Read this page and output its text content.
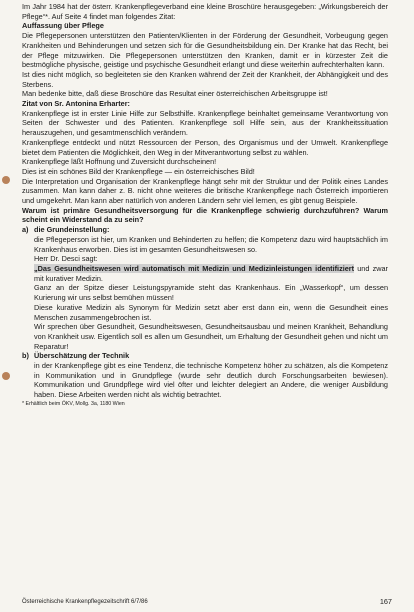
Im Jahr 1984 hat der österr. Krankenpflegeverband eine kleine Broschüre herausgegeben: „Wirkungsbereich der Pflege“*. Auf Seite 4 findet man folgendes Zitat:

Auffassung über Pflege

Die Pflegepersonen unterstützen den Patienten/Klienten in der Förderung der Gesundheit, Vorbeugung gegen Krankheiten und Behinderungen und setzen sich für die Gesundheitsbildung ein. Der Kranke hat das Recht, bei der Pflege mitzuwirken. Die Pflegepersonen unterstützen den Kranken, damit er in kürzester Zeit die bestmögliche physische, geistige und psychische Gesundheit erlangt und diese weiterhin aufrechterhalten kann.

Ist dies nicht möglich, so begleiteten sie den Kranken während der Zeit der Krankheit, der Abhängigkeit und des Sterbens.

Man bedenke bitte, daß diese Broschüre das Resultat einer österreichischen Arbeitsgruppe ist!

Zitat von Sr. Antonina Erharter:

Krankenpflege ist in erster Linie Hilfe zur Selbsthilfe. Krankenpflege beinhaltet gemeinsame Verantwortung von Seiten der Schwester und des Patienten. Krankenpflege soll Hilfe sein, aus der Krankheitssituation herauszugehen, und gesamtmenschlich verändern.

Krankenpflege entdeckt und nützt Ressourcen der Person, des Organismus und der Umwelt. Krankenpflege bietet dem Patienten die Möglichkeit, den Weg in der Mitverantwortung selbst zu wählen.

Krankenpflege läßt Hoffnung und Zuversicht durchscheinen!

Dies ist ein schönes Bild der Krankenpflege — ein österreichisches Bild!

Die Interpretation und Organisation der Krankenpflege hängt sehr mit der Struktur und der Politik eines Landes zusammen. Man kann daher z. B. nicht ohne weiteres die britische Krankenpflege nach Österreich importieren und umgekehrt. Man kann aber natürlich von anderen Ländern sehr viel lernen, es gibt genug Beispiele.

Warum ist primäre Gesundheitsversorgung für die Krankenpflege schwierig durchzuführen? Warum scheint ein Widerstand da zu sein?

a) die Grundeinstellung:

die Pflegeperson ist hier, um Kranken und Behinderten zu helfen; die Kompetenz dazu wird hauptsächlich im Krankenhaus erworben. Dies ist im gesamten Gesundheitswesen so.

Herr Dr. Desci sagt:

„Das Gesundheitswesen wird automatisch mit Medizin und Medizinleistungen identifiziert und zwar mit kurativer Medizin.

Ganz an der Spitze dieser Leistungspyramide steht das Krankenhaus. Ein „Wasserkopf“, um dessen Kurierung wir uns selbst bemühen müssen!

Diese kurative Medizin als Synonym für Medizin setzt aber erst dann ein, wenn die Gesundheit eines Menschen zusammengebrochen ist.

Wir sprechen über Gesundheit, Gesundheitswesen, Gesundheitsausbau und meinen Krankheit, Behandlung von Krankheit usw. Eigentlich soll es allen um Gesundheit, um Erhaltung der Gesundheit gehen und nicht um Reparatur!

b) Überschätzung der Technik

in der Krankenpflege gibt es eine Tendenz, die technische Kompetenz höher zu schätzen, als die Kompetenz in Kommunikation und in Grundpflege (wurde sehr deutlich durch Forschungsarbeiten bewiesen). Kommunikation und Grundpflege wird viel öfter und leichter delegiert an Andere, die weniger Ausbildung haben. Diese Arbeiten werden nicht als wichtig betrachtet.

* Erhältlich beim ÖKV, Mollg. 3a, 1180 Wien

Österreichische Krankenpflegezeitschrift 6/7/86	167
